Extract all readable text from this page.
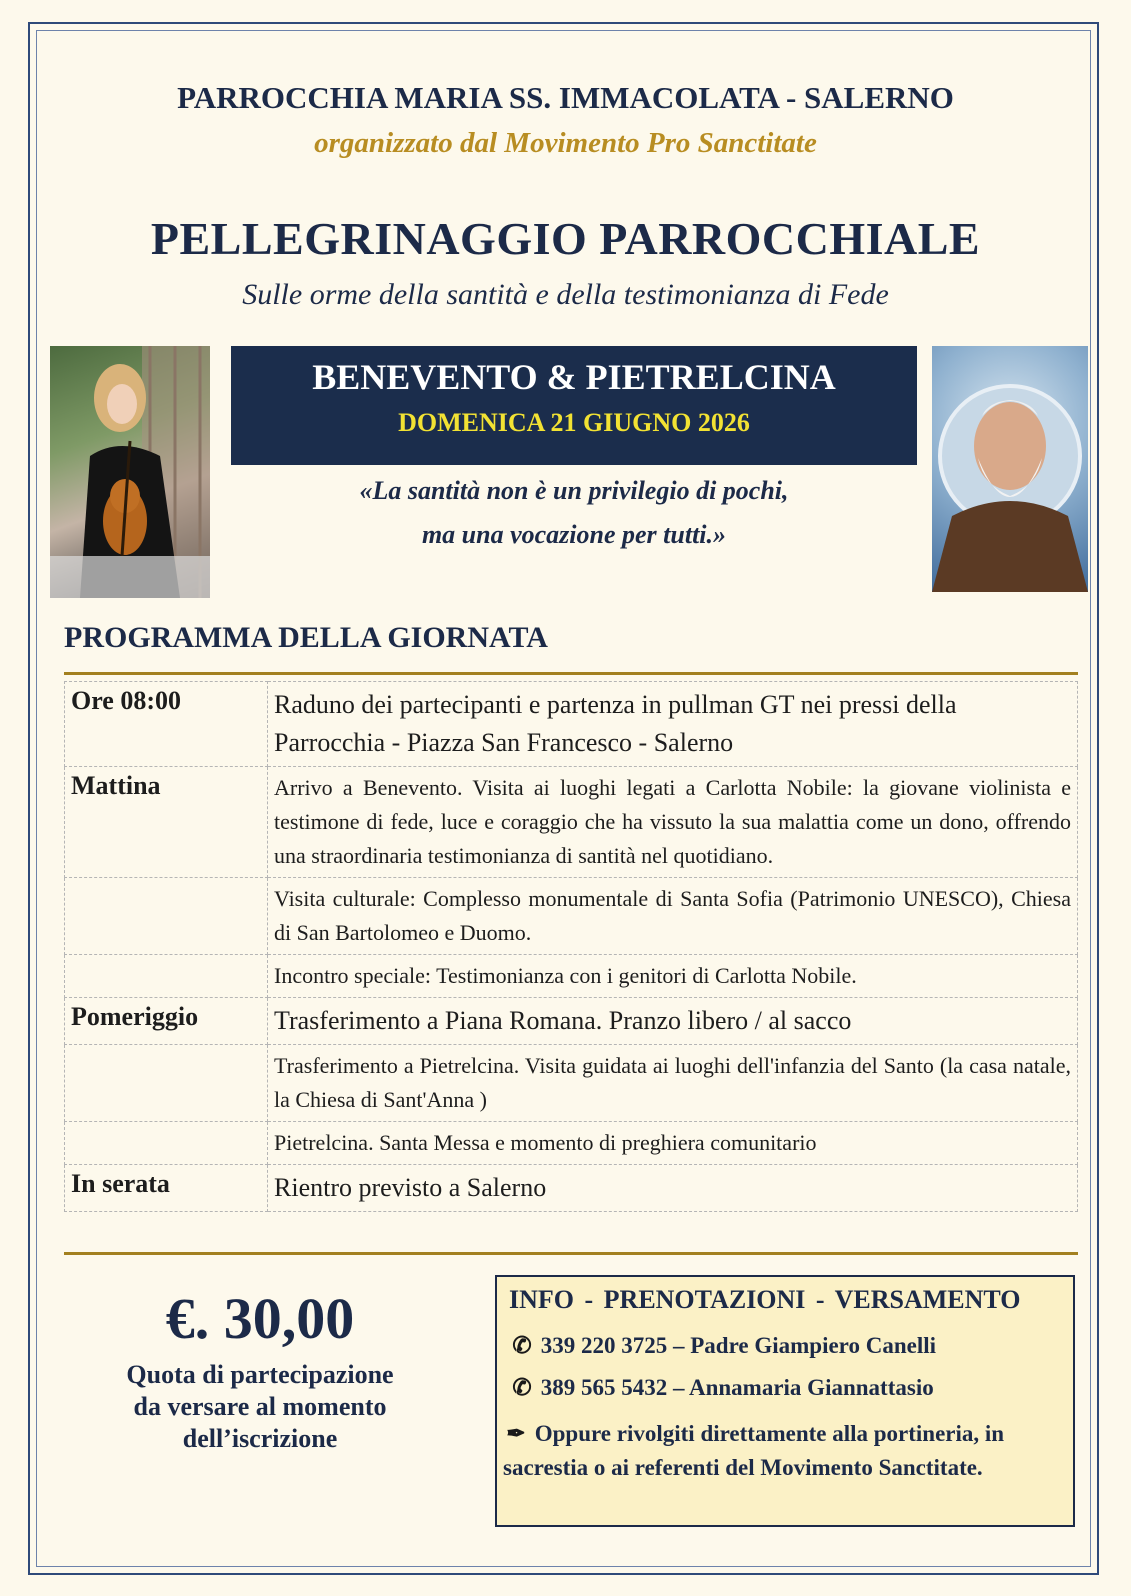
PARROCCHIA MARIA SS. IMMACOLATA - SALERNO
organizzato dal Movimento Pro Sanctitate
PELLEGRINAGGIO PARROCCHIALE
Sulle orme della santità e della testimonianza di Fede
BENEVENTO & PIETRELCINA
DOMENICA 21 GIUGNO 2026
«La santità non è un privilegio di pochi,
ma una vocazione per tutti.»
PROGRAMMA DELLA GIORNATA
Ore 08:00	Raduno dei partecipanti e partenza in pullman GT nei pressi della Parrocchia - Piazza San Francesco - Salerno
Mattina	Arrivo a Benevento. Visita ai luoghi legati a Carlotta Nobile: la giovane violinista e testimone di fede, luce e coraggio che ha vissuto la sua malattia come un dono, offrendo una straordinaria testimonianza di santità nel quotidiano.
	Visita culturale: Complesso monumentale di Santa Sofia (Patrimonio UNESCO), Chiesa di San Bartolomeo e Duomo.
	Incontro speciale: Testimonianza con i genitori di Carlotta Nobile.
Pomeriggio	Trasferimento a Piana Romana. Pranzo libero / al sacco
	Trasferimento a Pietrelcina. Visita guidata ai luoghi dell'infanzia del Santo (la casa natale, la Chiesa di Sant'Anna )
	Pietrelcina. Santa Messa e momento di preghiera comunitario
In serata	Rientro previsto a Salerno
€. 30,00
Quota di partecipazione
da versare al momento
dell’iscrizione
INFO - PRENOTAZIONI - VERSAMENTO
✆ 339 220 3725 – Padre Giampiero Canelli
✆ 389 565 5432 – Annamaria Giannattasio
✒ Oppure rivolgiti direttamente alla portineria, in sacrestia o ai referenti del Movimento Sanctitate.
